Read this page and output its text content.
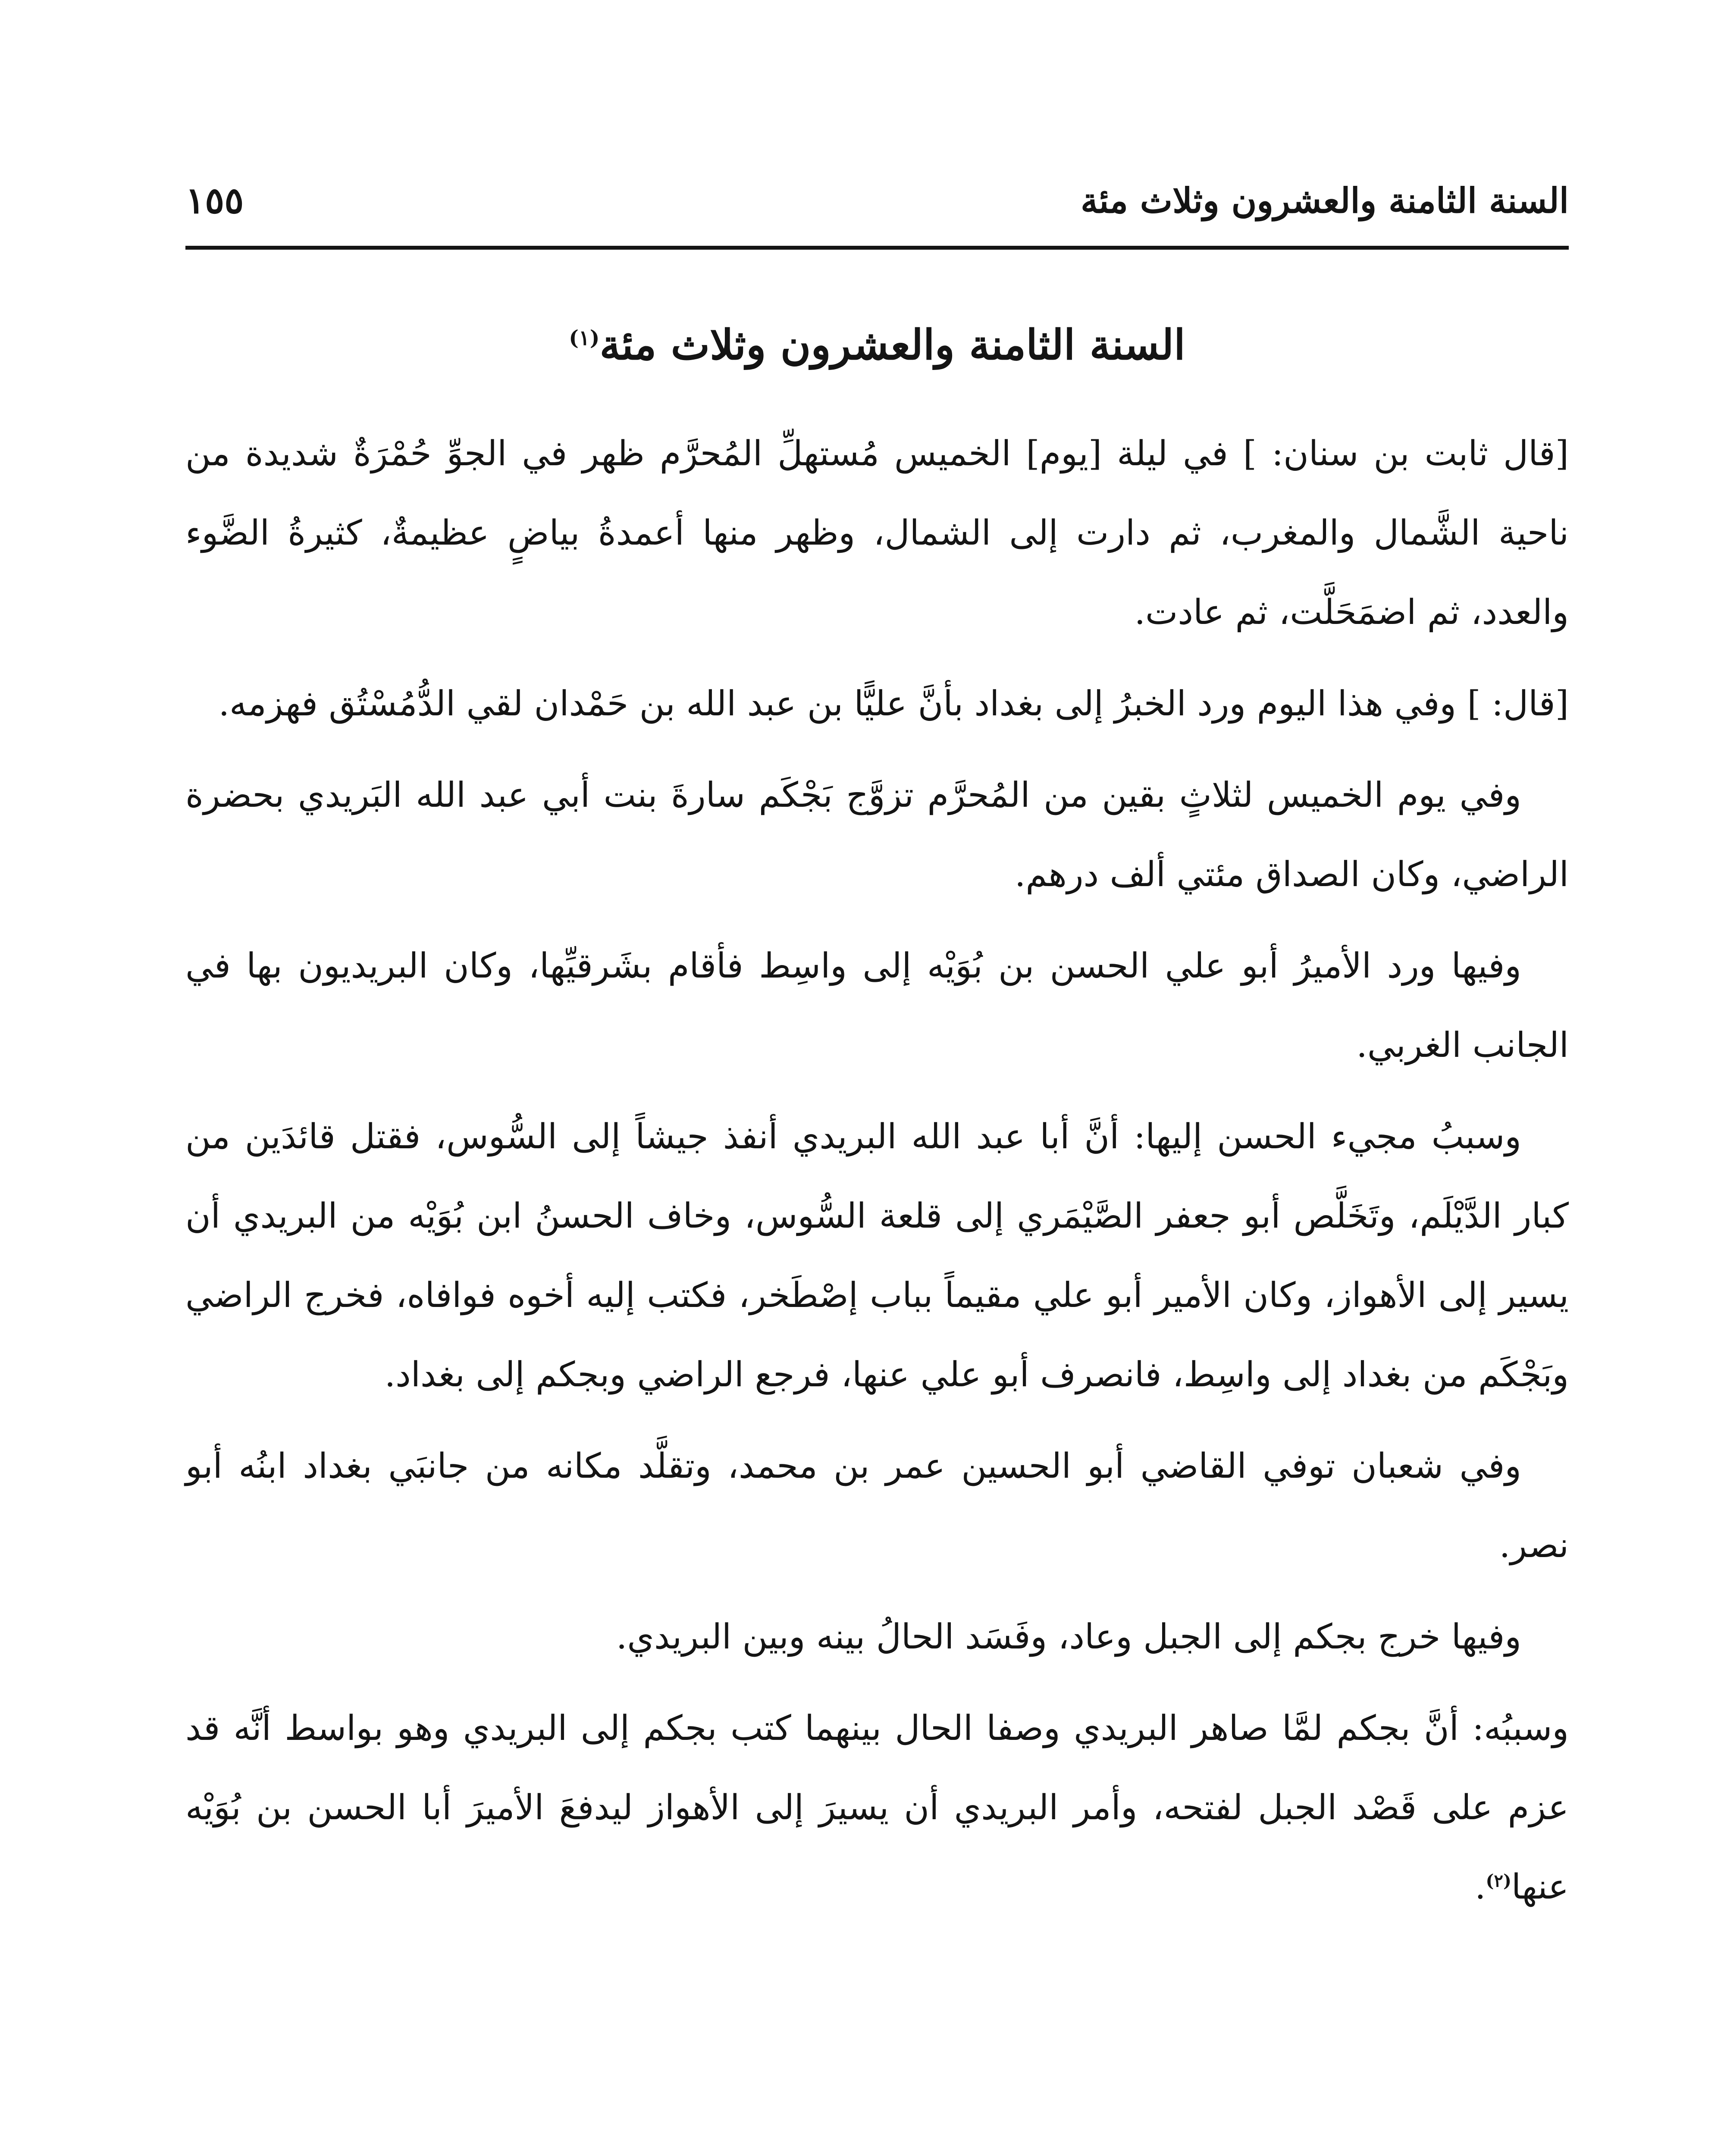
السنة الثامنة والعشرون وثلاث مئة
١٥٥
السنة الثامنة والعشرون وثلاث مئة$^{(١)}$

[قال ثابت بن سنان: ] في ليلة [يوم] الخميس مُستهلِّ المُحرَّم ظهر في الجوِّ حُمْرَةٌ شديدة من ناحية الشَّمال والمغرب، ثم دارت إلى الشمال، وظهر منها أعمدةُ بياضٍ عظيمةٌ، كثيرةُ الضَّوء والعدد، ثم اضمَحَلَّت، ثم عادت.

[قال: ] وفي هذا اليوم ورد الخبرُ إلى بغداد بأنَّ عليًّا بن عبد الله بن حَمْدان لقي الدُّمُسْتُق فهزمه.

وفي يوم الخميس لثلاثٍ بقين من المُحرَّم تزوَّج بَجْكَم سارةَ بنت أبي عبد الله البَريدي بحضرة الراضي، وكان الصداق مئتي ألف درهم.

وفيها ورد الأميرُ أبو علي الحسن بن بُوَيْه إلى واسِط فأقام بشَرقيِّها، وكان البريديون بها في الجانب الغربي.

وسببُ مجيء الحسن إليها: أنَّ أبا عبد الله البريدي أنفذ جيشاً إلى السُّوس، فقتل قائدَين من كبار الدَّيْلَم، وتَخَلَّص أبو جعفر الصَّيْمَري إلى قلعة السُّوس، وخاف الحسنُ ابن بُوَيْه من البريدي أن يسير إلى الأهواز، وكان الأمير أبو علي مقيماً بباب إصْطَخر، فكتب إليه أخوه فوافاه، فخرج الراضي وبَجْكَم من بغداد إلى واسِط، فانصرف أبو علي عنها، فرجع الراضي وبجكم إلى بغداد.

وفي شعبان توفي القاضي أبو الحسين عمر بن محمد، وتقلَّد مكانه من جانبَي بغداد ابنُه أبو نصر.

وفيها خرج بجكم إلى الجبل وعاد، وفَسَد الحالُ بينه وبين البريدي.

وسببُه: أنَّ بجكم لمَّا صاهر البريدي وصفا الحال بينهما كتب بجكم إلى البريدي وهو بواسط أنَّه قد عزم على قَصْد الجبل لفتحه، وأمر البريدي أن يسيرَ إلى الأهواز ليدفعَ الأميرَ أبا الحسن بن بُوَيْه عنها$^{(٢)}$.
